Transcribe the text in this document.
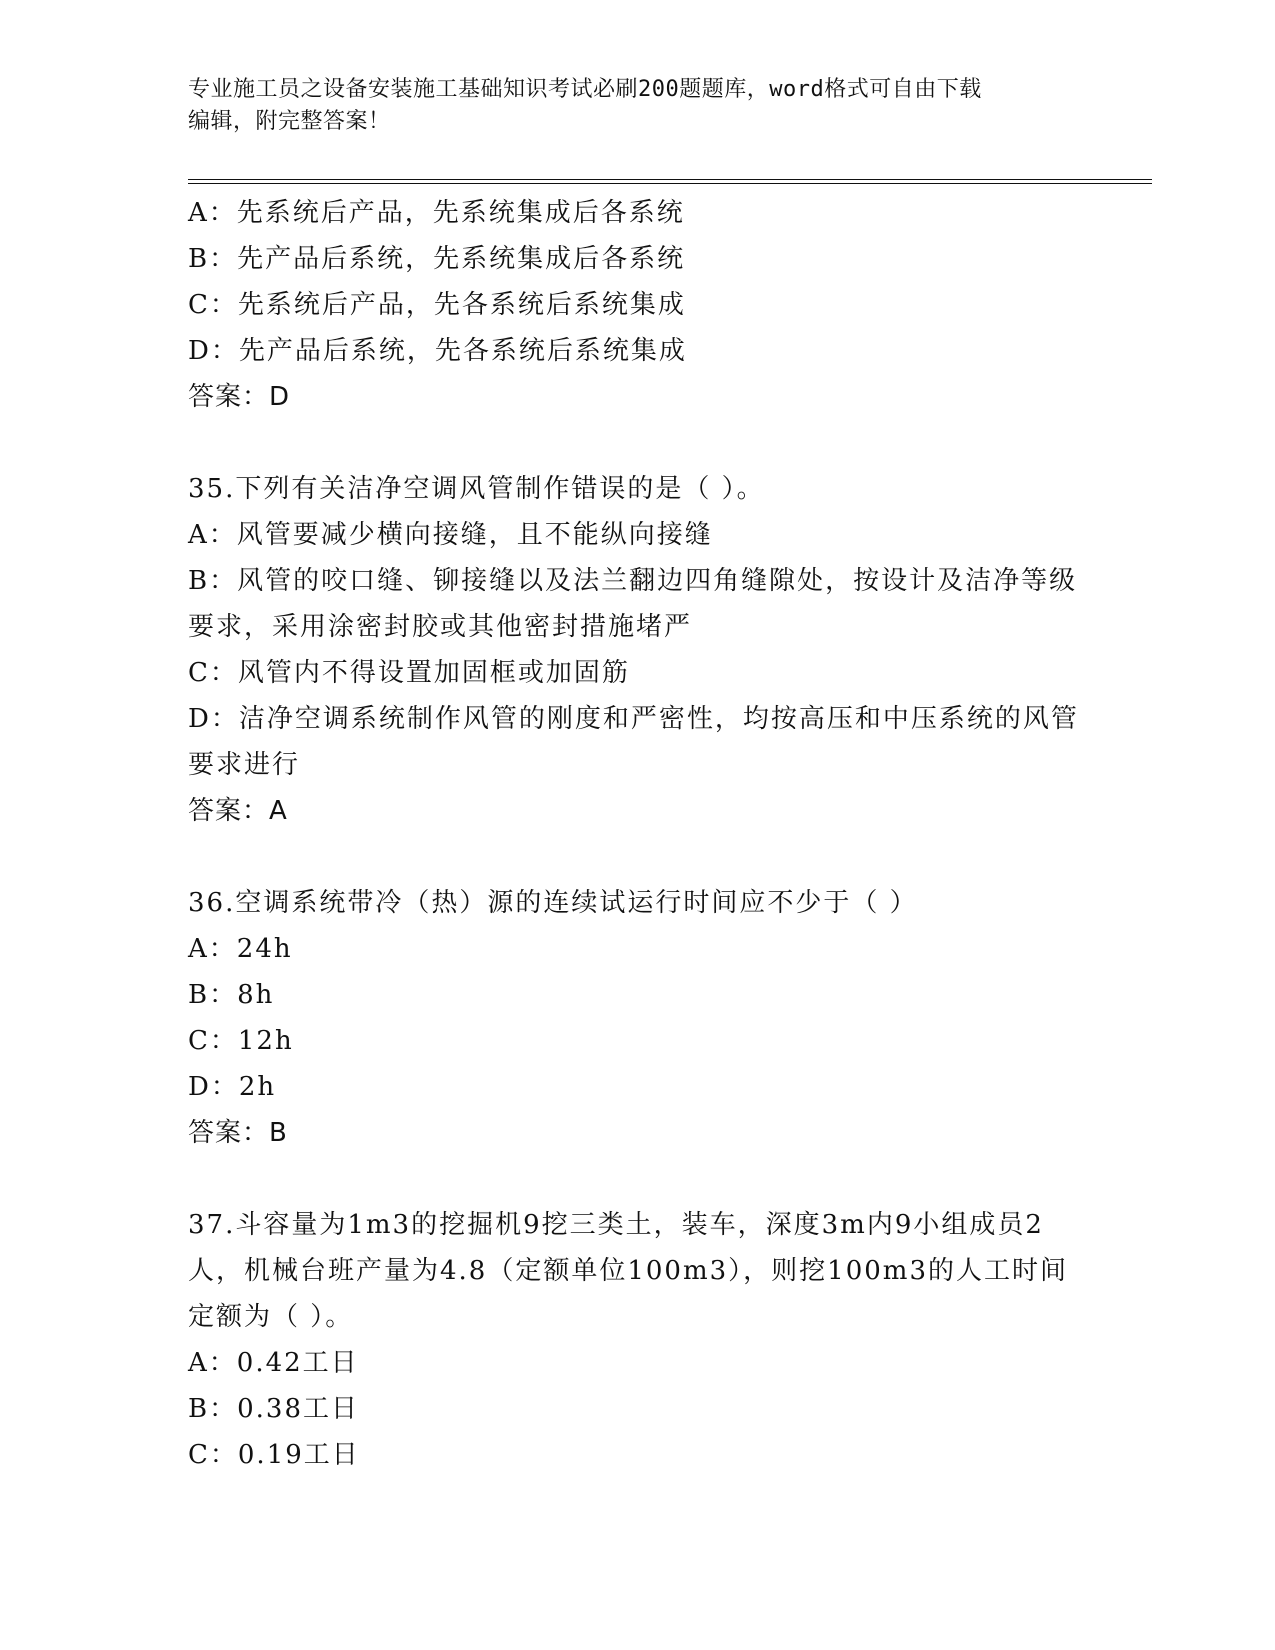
专业施工员之设备安装施工基础知识考试必刷200题题库，word格式可自由下载
编辑，附完整答案！
A：先系统后产品，先系统集成后各系统
B：先产品后系统，先系统集成后各系统
C：先系统后产品，先各系统后系统集成
D：先产品后系统，先各系统后系统集成
答案：D
35.下列有关洁净空调风管制作错误的是（ ）。
A：风管要减少横向接缝，且不能纵向接缝
B：风管的咬口缝、铆接缝以及法兰翻边四角缝隙处，按设计及洁净等级要求，采用涂密封胶或其他密封措施堵严
C：风管内不得设置加固框或加固筋
D：洁净空调系统制作风管的刚度和严密性，均按高压和中压系统的风管要求进行
答案：A
36.空调系统带冷（热）源的连续试运行时间应不少于（ ）
A：24h
B：8h
C：12h
D：2h
答案：B
37.斗容量为1m3的挖掘机9挖三类土，装车，深度3m内9小组成员2人，机械台班产量为4.8（定额单位100m3），则挖100m3的人工时间定额为（ ）。
A：0.42工日
B：0.38工日
C：0.19工日
